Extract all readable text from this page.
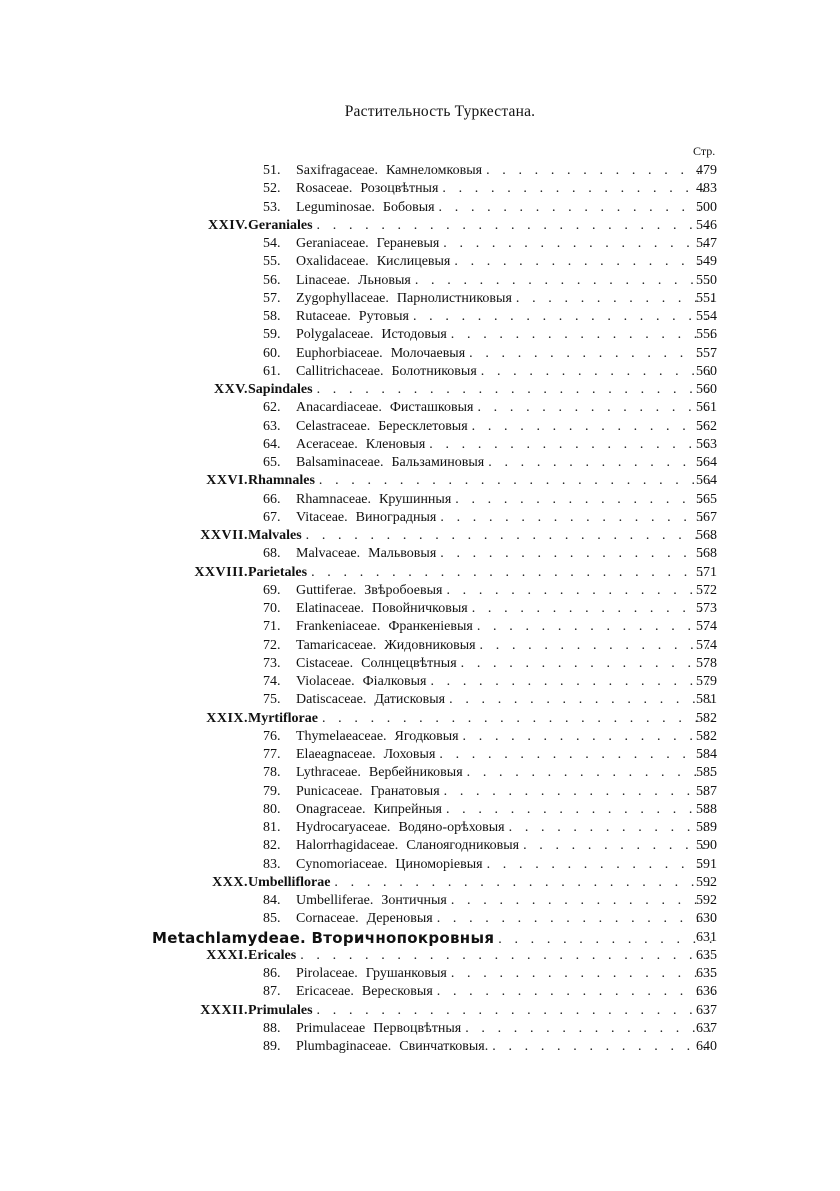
Растительность Туркестана.
Стр.
51.	Saxifragaceae. Камнеломковыя . . .	479
52.	Rosaceae. Розоцвѣтныя . . .	483
53.	Leguminosae. Бобовыя . . .	500
XXIV. Geraniales . . .	546
54.	Geraniaceae. Гераневыя . . .	547
55.	Oxalidaceae. Кислицевыя . . .	549
56.	Linaceae. Льновыя . . .	550
57.	Zygophyllaceae. Парнолистниковыя . . .	551
58.	Rutaceae. Рутовыя . . .	554
59.	Polygalaceae. Истодовыя . . .	556
60.	Euphorbiaceae. Молочаевыя . . .	557
61.	Callitrichaceae. Болотниковыя . . .	560
XXV. Sapindales . . .	560
62.	Anacardiaceae. Фисташковыя . . .	561
63.	Celastraceae. Бересклетовыя . . .	562
64.	Aceraceae. Кленовыя . . .	563
65.	Balsaminaceae. Бальзаминовыя . . .	564
XXVI. Rhamnales . . .	564
66.	Rhamnaceae. Крушинныя . . .	565
67.	Vitaceae. Виноградныя . . .	567
XXVII. Malvales . . .	568
68.	Malvaceae. Мальвовыя . . .	568
XXVIII. Parietales . . .	571
69.	Guttiferae. Звѣробоевыя . . .	572
70.	Elatinaceae. Повойничковыя . . .	573
71.	Frankeniaceae. Франкеніевыя . . .	574
72.	Tamaricaceae. Жидовниковыя . . .	574
73.	Cistaceae. Солнцецвѣтныя . . .	578
74.	Violaceae. Фіалковыя . . .	579
75.	Datiscaceae. Датисковыя . . .	581
XXIX. Myrtiflorae . . .	582
76.	Thymelaeaceae. Ягодковыя . . .	582
77.	Elaeagnaceae. Лоховыя . . .	584
78.	Lythraceae. Вербейниковыя . . .	585
79.	Punicaceae. Гранатовыя . . .	587
80.	Onagraceae. Кипрейныя . . .	588
81.	Hydrocaryaceae. Водяно-орѣховыя . . .	589
82.	Halorrhagidaceae. Сланоягодниковыя . . .	590
83.	Cynomoriaceae. Циноморіевыя . . .	591
XXX. Umbelliflorae . . .	592
84.	Umbelliferae. Зонтичныя . . .	592
85.	Cornaceae. Дереновыя . . .	630
Metachlamydeae. Вторичнопокровныя . . .	631
XXXI. Ericales . . .	635
86.	Pirolaceae. Грушанковыя . . .	635
87.	Ericaceae. Вересковыя . . .	636
XXXII. Primulales . . .	637
88.	Primulaceae Первоцвѣтныя . . .	637
89.	Plumbaginaceae. Свинчатковыя. . . .	640
